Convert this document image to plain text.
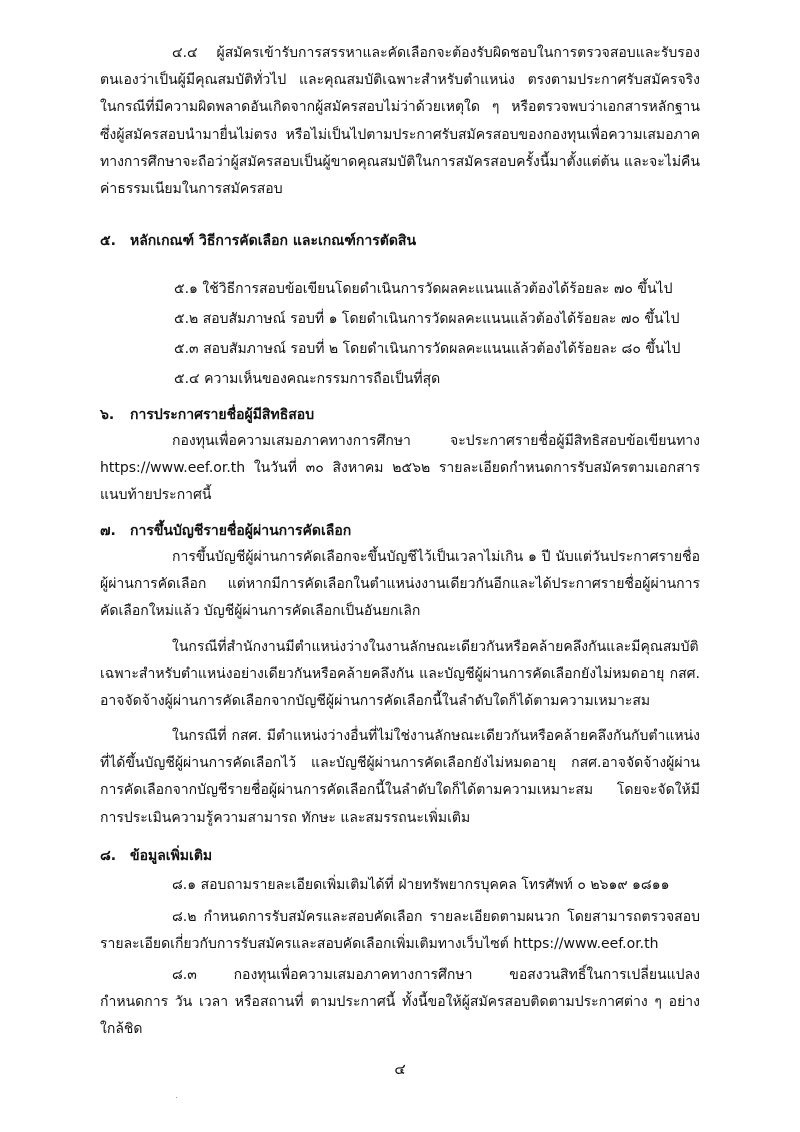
๔.๔ ผู้สมัครเข้ารับการสรรหาและคัดเลือกจะต้องรับผิดชอบในการตรวจสอบและรับรองตนเองว่าเป็นผู้มีคุณสมบัติทั่วไป และคุณสมบัติเฉพาะสำหรับตำแหน่ง ตรงตามประกาศรับสมัครจริง ในกรณีที่มีความผิดพลาดอันเกิดจากผู้สมัครสอบไม่ว่าด้วยเหตุใด ๆ หรือตรวจพบว่าเอกสารหลักฐาน ซึ่งผู้สมัครสอบนำมายื่นไม่ตรง หรือไม่เป็นไปตามประกาศรับสมัครสอบของกองทุนเพื่อความเสมอภาคทางการศึกษาจะถือว่าผู้สมัครสอบเป็นผู้ขาดคุณสมบัติในการสมัครสอบครั้งนี้มาตั้งแต่ต้น และจะไม่คืนค่าธรรมเนียมในการสมัครสอบ

๕. หลักเกณฑ์ วิธีการคัดเลือก และเกณฑ์การตัดสิน
๕.๑ ใช้วิธีการสอบข้อเขียนโดยดำเนินการวัดผลคะแนนแล้วต้องได้ร้อยละ ๗๐ ขึ้นไป
๕.๒ สอบสัมภาษณ์ รอบที่ ๑ โดยดำเนินการวัดผลคะแนนแล้วต้องได้ร้อยละ ๗๐ ขึ้นไป
๕.๓ สอบสัมภาษณ์ รอบที่ ๒ โดยดำเนินการวัดผลคะแนนแล้วต้องได้ร้อยละ ๘๐ ขึ้นไป
๕.๔ ความเห็นของคณะกรรมการถือเป็นที่สุด
๖. การประกาศรายชื่อผู้มีสิทธิสอบ

กองทุนเพื่อความเสมอภาคทางการศึกษา จะประกาศรายชื่อผู้มีสิทธิสอบข้อเขียนทาง https://www.eef.or.th ในวันที่ ๓๐ สิงหาคม ๒๕๖๒ รายละเอียดกำหนดการรับสมัครตามเอกสารแนบท้ายประกาศนี้

๗. การขึ้นบัญชีรายชื่อผู้ผ่านการคัดเลือก

การขึ้นบัญชีผู้ผ่านการคัดเลือกจะขึ้นบัญชีไว้เป็นเวลาไม่เกิน ๑ ปี นับแต่วันประกาศรายชื่อผู้ผ่านการคัดเลือก แต่หากมีการคัดเลือกในตำแหน่งงานเดียวกันอีกและได้ประกาศรายชื่อผู้ผ่านการคัดเลือกใหม่แล้ว บัญชีผู้ผ่านการคัดเลือกเป็นอันยกเลิก

ในกรณีที่สำนักงานมีตำแหน่งว่างในงานลักษณะเดียวกันหรือคล้ายคลึงกันและมีคุณสมบัติเฉพาะสำหรับตำแหน่งอย่างเดียวกันหรือคล้ายคลึงกัน และบัญชีผู้ผ่านการคัดเลือกยังไม่หมดอายุ กสศ. อาจจัดจ้างผู้ผ่านการคัดเลือกจากบัญชีผู้ผ่านการคัดเลือกนี้ในลำดับใดก็ได้ตามความเหมาะสม

ในกรณีที่ กสศ. มีตำแหน่งว่างอื่นที่ไม่ใช่งานลักษณะเดียวกันหรือคล้ายคลึงกันกับตำแหน่งที่ได้ขึ้นบัญชีผู้ผ่านการคัดเลือกไว้ และบัญชีผู้ผ่านการคัดเลือกยังไม่หมดอายุ กสศ.อาจจัดจ้างผู้ผ่านการคัดเลือกจากบัญชีรายชื่อผู้ผ่านการคัดเลือกนี้ในลำดับใดก็ได้ตามความเหมาะสม โดยจะจัดให้มีการประเมินความรู้ความสามารถ ทักษะ และสมรรถนะเพิ่มเติม

๘. ข้อมูลเพิ่มเติม

๘.๑ สอบถามรายละเอียดเพิ่มเติมได้ที่ ฝ่ายทรัพยากรบุคคล โทรศัพท์ ๐ ๒๖๑๙ ๑๘๑๑

๘.๒ กำหนดการรับสมัครและสอบคัดเลือก รายละเอียดตามผนวก โดยสามารถตรวจสอบรายละเอียดเกี่ยวกับการรับสมัครและสอบคัดเลือกเพิ่มเติมทางเว็บไซต์ https://www.eef.or.th

๘.๓ กองทุนเพื่อความเสมอภาคทางการศึกษา ขอสงวนสิทธิ์ในการเปลี่ยนแปลงกำหนดการ วัน เวลา หรือสถานที่ ตามประกาศนี้ ทั้งนี้ขอให้ผู้สมัครสอบติดตามประกาศต่าง ๆ อย่างใกล้ชิด

๔
